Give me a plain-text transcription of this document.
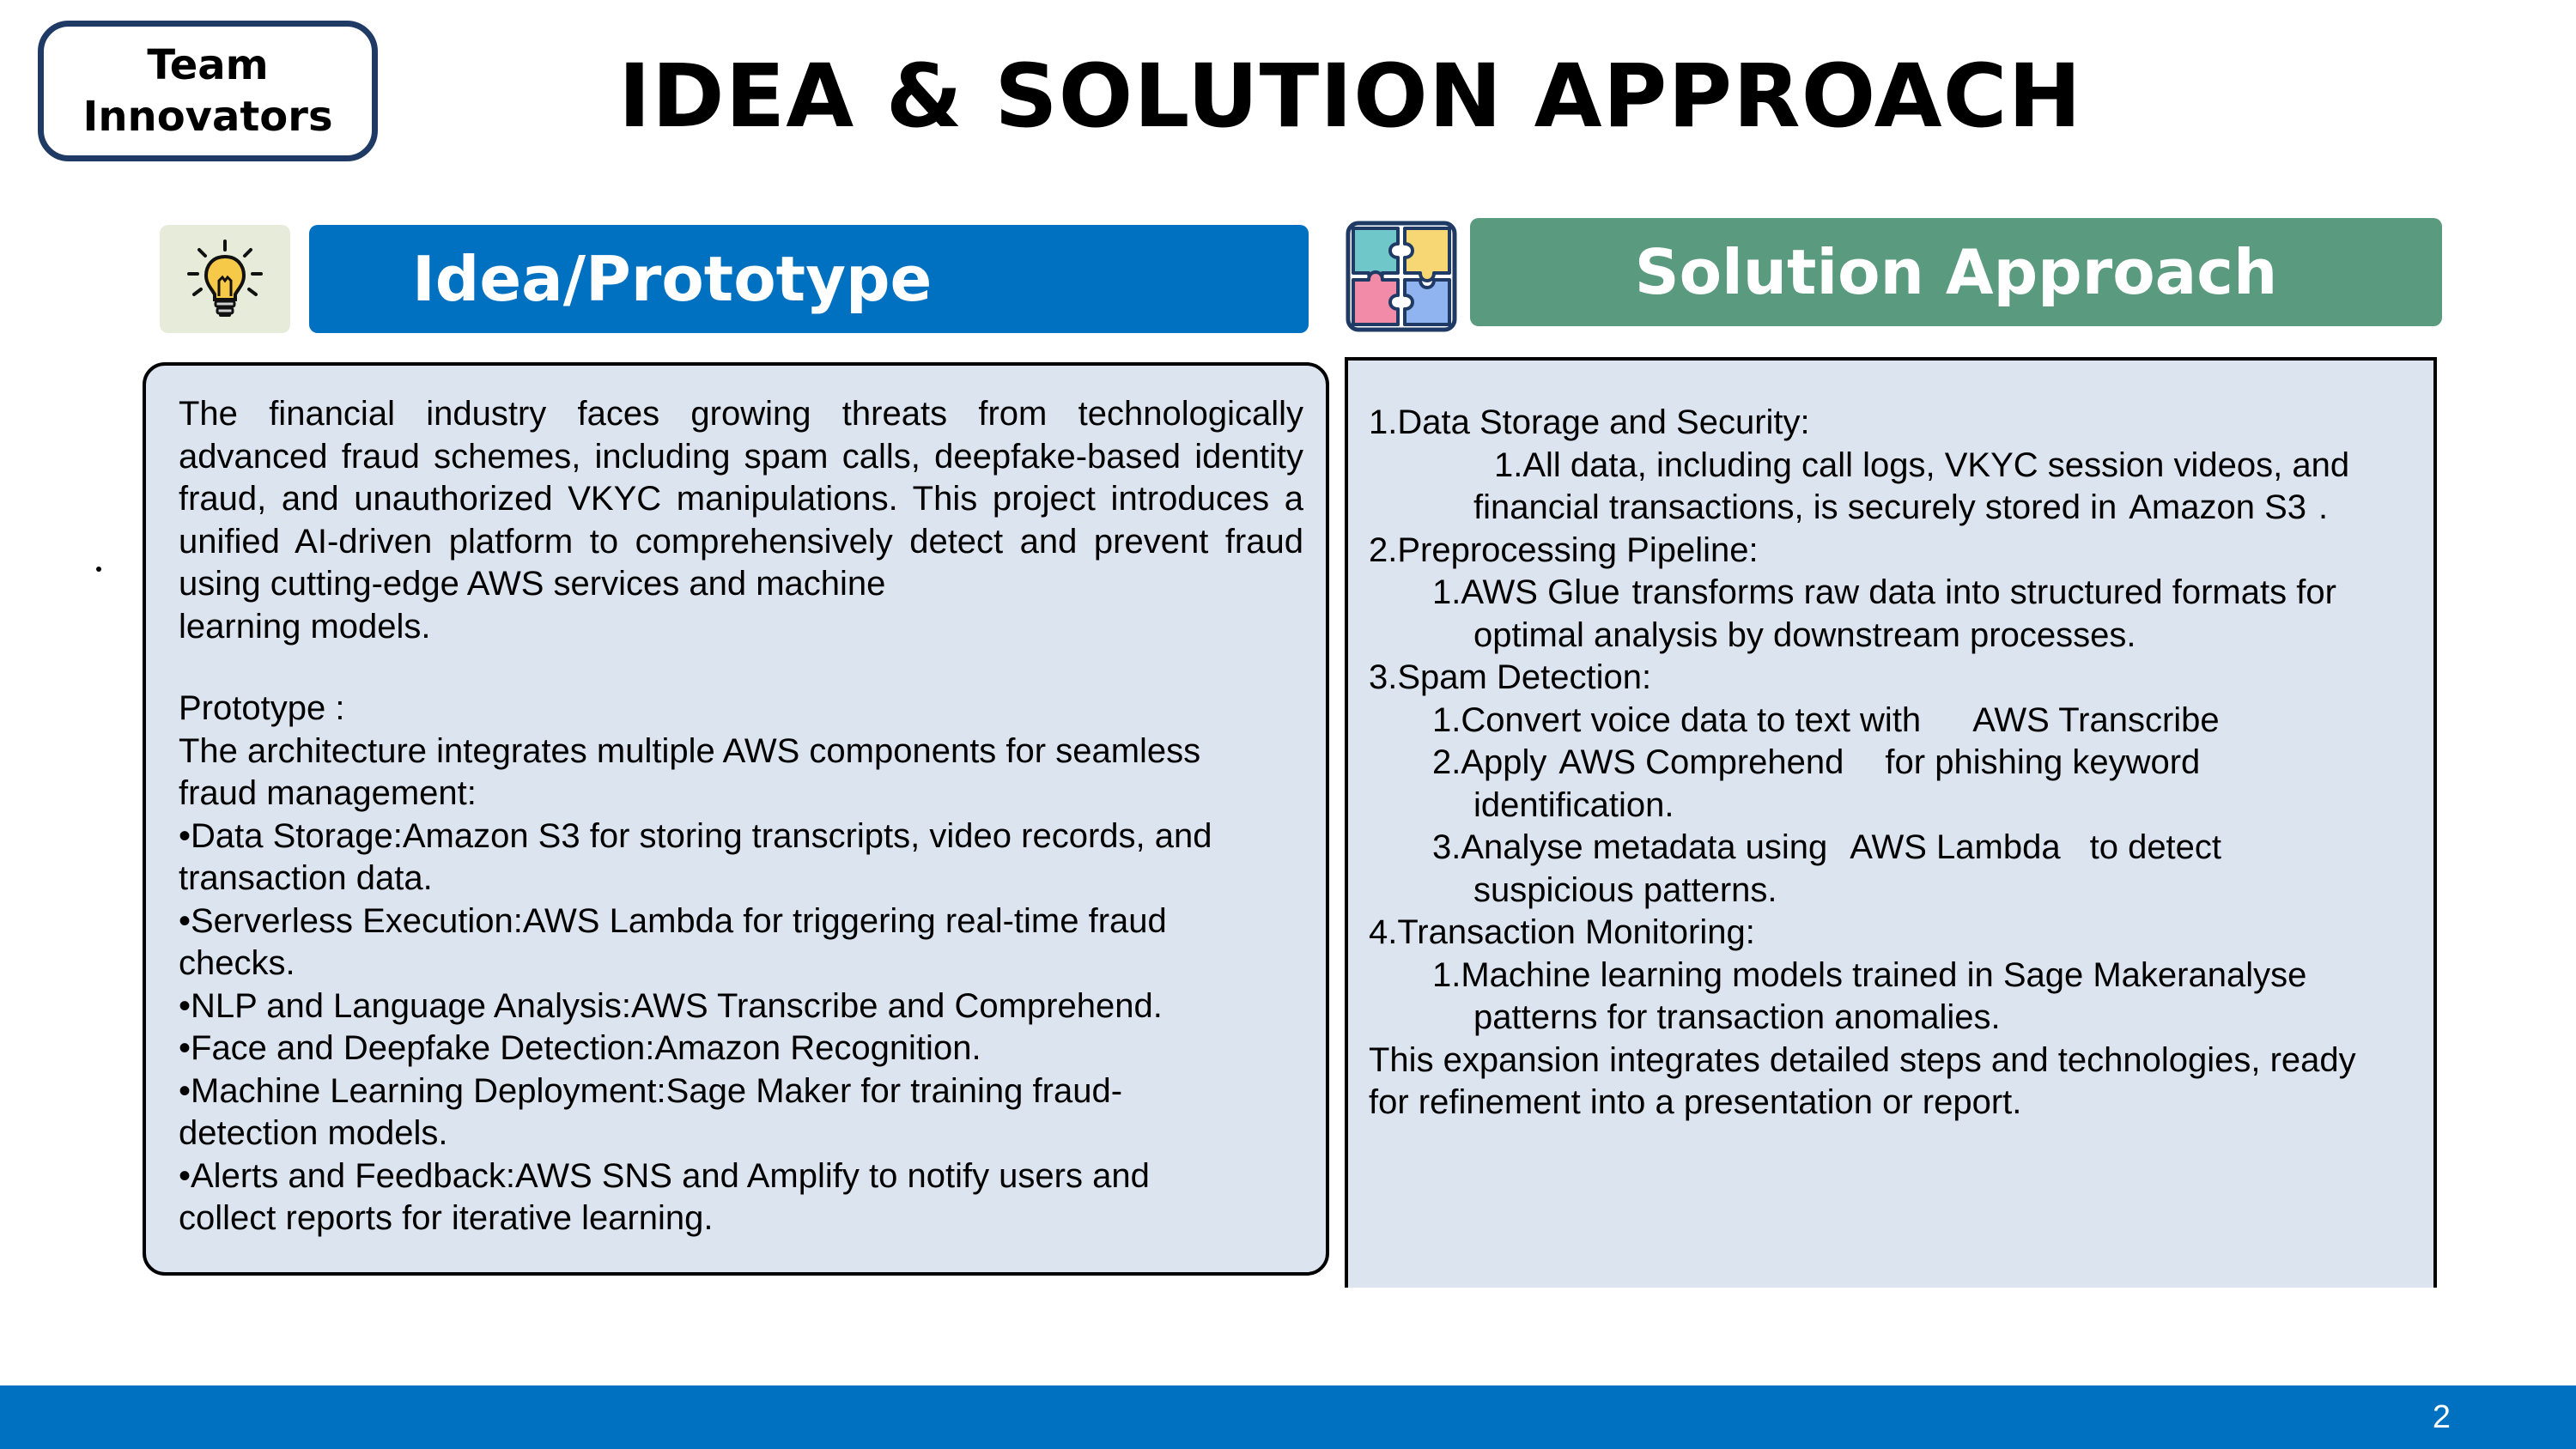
Team
Innovators	IDEA & SOLUTION APPROACH
Idea/Prototype	Solution Approach
The financial industry faces growing threats from technologically advanced fraud schemes, including spam calls, deepfake-based identity fraud, and unauthorized VKYC manipulations. This project introduces a unified AI-driven platform to comprehensively detect and prevent fraud using cutting-edge AWS services and machine
learning models.
Prototype :
The architecture integrates multiple AWS components for seamless
fraud management:
•Data Storage:Amazon S3 for storing transcripts, video records, and
transaction data.
•Serverless Execution:AWS Lambda for triggering real-time fraud
checks.
•NLP and Language Analysis:AWS Transcribe and Comprehend.
•Face and Deepfake Detection:Amazon Recognition.
•Machine Learning Deployment:Sage Maker for training fraud-
detection models.
•Alerts and Feedback:AWS SNS and Amplify to notify users and
collect reports for iterative learning.
1.Data Storage and Security:
1.All data, including call logs, VKYC session videos, and
financial transactions, is securely stored in Amazon S3 .
2.Preprocessing Pipeline:
1.AWS Glue transforms raw data into structured formats for
optimal analysis by downstream processes.
3.Spam Detection:
1.Convert voice data to text with AWS Transcribe
2.Apply AWS Comprehend for phishing keyword
identification.
3.Analyse metadata using AWS Lambda to detect
suspicious patterns.
4.Transaction Monitoring:
1.Machine learning models trained in Sage Makeranalyse
patterns for transaction anomalies.
This expansion integrates detailed steps and technologies, ready
for refinement into a presentation or report.
2
